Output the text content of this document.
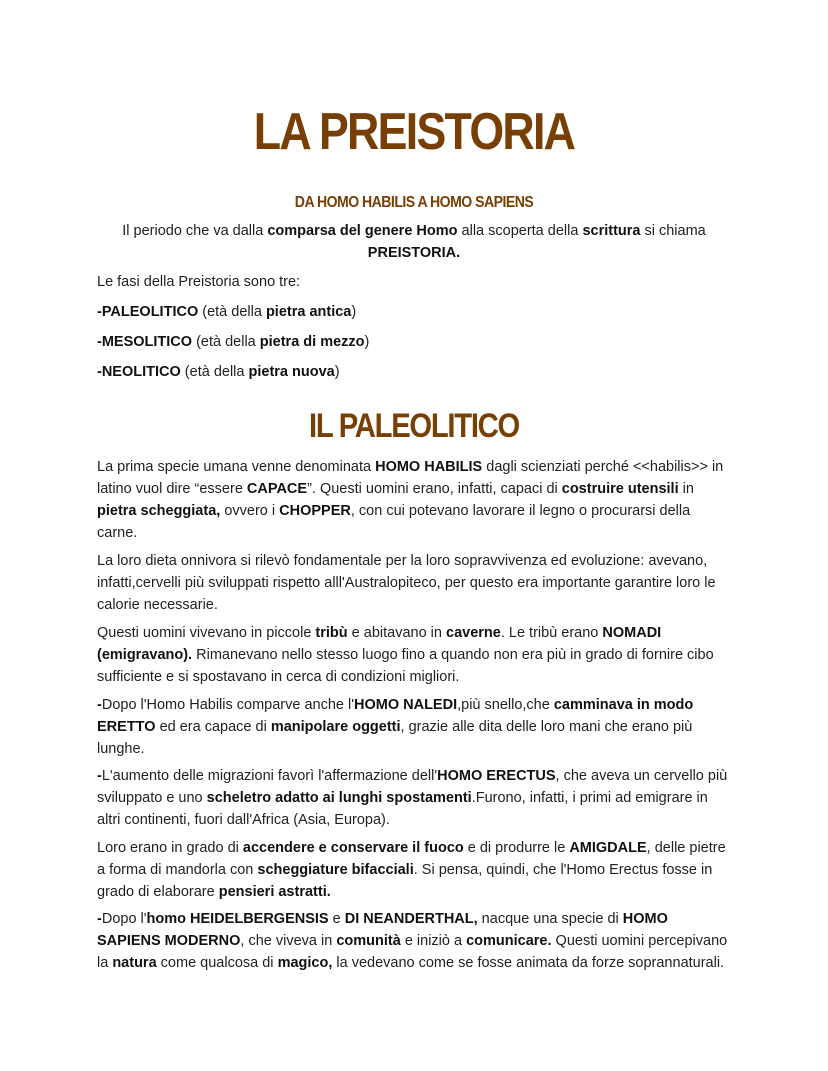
LA PREISTORIA
DA HOMO HABILIS A HOMO SAPIENS

Il periodo che va dalla comparsa del genere Homo alla scoperta della scrittura si chiama
PREISTORIA.

Le fasi della Preistoria sono tre:

-PALEOLITICO (età della pietra antica)

-MESOLITICO (età della pietra di mezzo)

-NEOLITICO (età della pietra nuova)

IL PALEOLITICO

La prima specie umana venne denominata HOMO HABILIS dagli scienziati perché <<habilis>> in latino vuol dire “essere CAPACE”. Questi uomini erano, infatti, capaci di costruire utensili in pietra scheggiata, ovvero i CHOPPER, con cui potevano lavorare il legno o procurarsi della carne.

La loro dieta onnivora si rilevò fondamentale per la loro sopravvivenza ed evoluzione: avevano, infatti,cervelli più sviluppati rispetto alll'Australopiteco, per questo era importante garantire loro le calorie necessarie.

Questi uomini vivevano in piccole tribù e abitavano in caverne. Le tribù erano NOMADI (emigravano). Rimanevano nello stesso luogo fino a quando non era più in grado di fornire cibo sufficiente e si spostavano in cerca di condizioni migliori.

-Dopo l'Homo Habilis comparve anche l'HOMO NALEDI,più snello,che camminava in modo ERETTO ed era capace di manipolare oggetti, grazie alle dita delle loro mani che erano più lunghe.

-L'aumento delle migrazioni favorì l'affermazione dell'HOMO ERECTUS, che aveva un cervello più sviluppato e uno scheletro adatto ai lunghi spostamenti.Furono, infatti, i primi ad emigrare in altri continenti, fuori dall'Africa (Asia, Europa).

Loro erano in grado di accendere e conservare il fuoco e di produrre le AMIGDALE, delle pietre a forma di mandorla con scheggiature bifacciali. Si pensa, quindi, che l'Homo Erectus fosse in grado di elaborare pensieri astratti.

-Dopo l'homo HEIDELBERGENSIS e DI NEANDERTHAL, nacque una specie di HOMO SAPIENS MODERNO, che viveva in comunità e iniziò a comunicare. Questi uomini percepivano la natura come qualcosa di magico, la vedevano come se fosse animata da forze soprannaturali.
